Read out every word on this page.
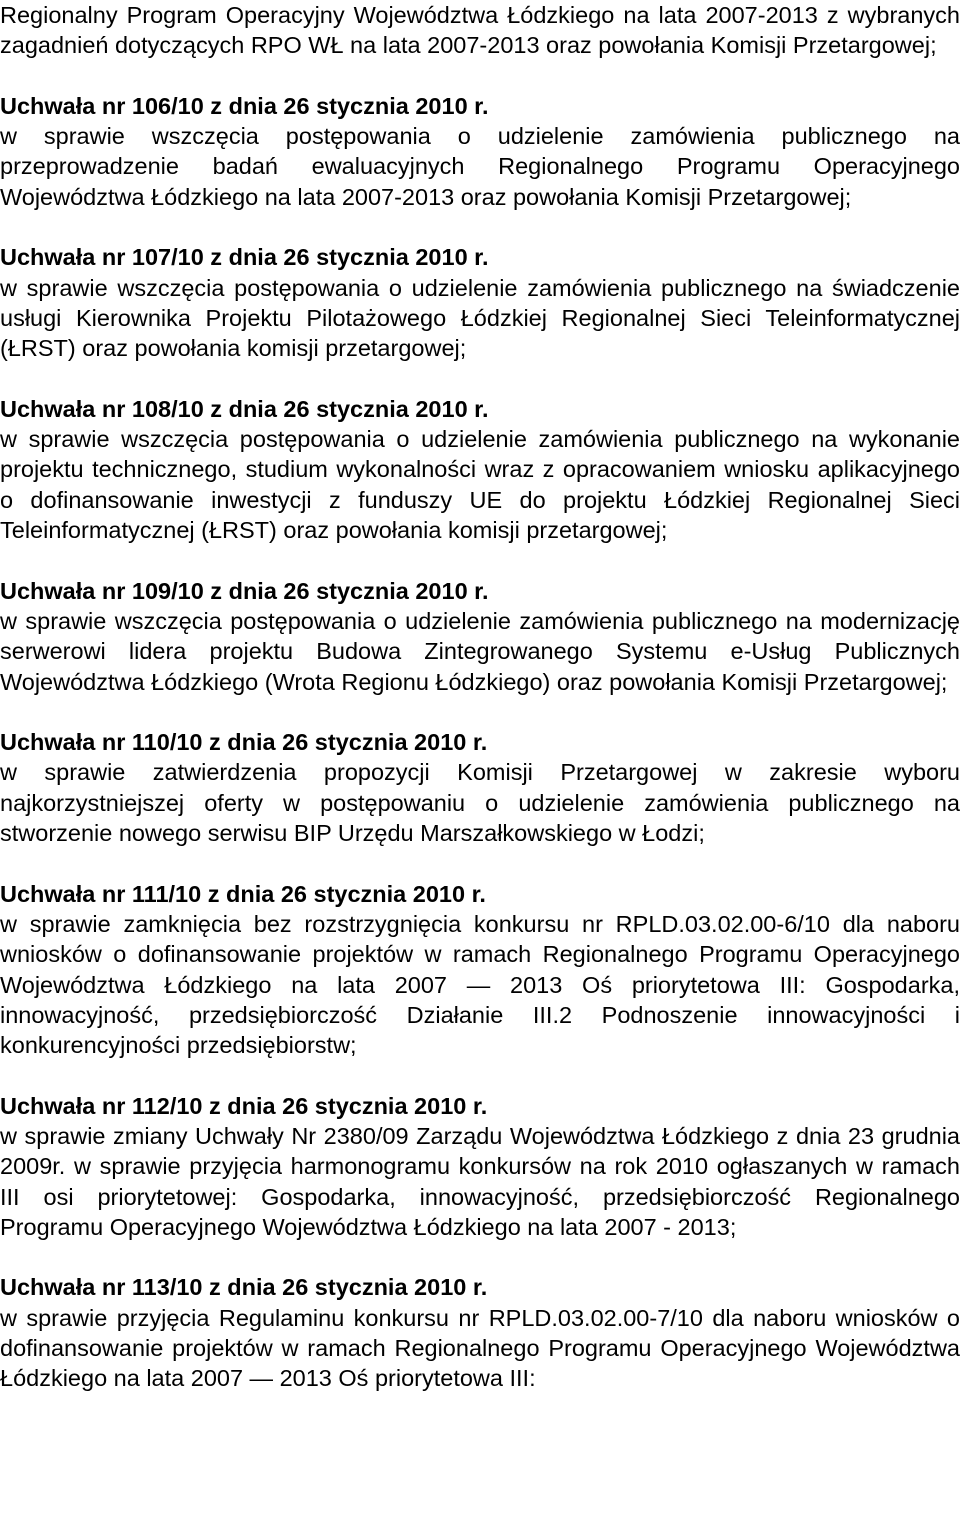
Regionalny Program Operacyjny Województwa Łódzkiego na lata 2007-2013 z wybranych zagadnień dotyczących RPO WŁ na lata 2007-2013 oraz powołania Komisji Przetargowej;

Uchwała nr 106/10 z dnia 26 stycznia 2010 r.

w sprawie wszczęcia postępowania o udzielenie zamówienia publicznego na przeprowadzenie badań ewaluacyjnych Regionalnego Programu Operacyjnego Województwa Łódzkiego na lata 2007-2013 oraz powołania Komisji Przetargowej;

Uchwała nr 107/10 z dnia 26 stycznia 2010 r.

w sprawie wszczęcia postępowania o udzielenie zamówienia publicznego na świadczenie usługi Kierownika Projektu Pilotażowego Łódzkiej Regionalnej Sieci Teleinformatycznej (ŁRST) oraz powołania komisji przetargowej;

Uchwała nr 108/10 z dnia 26 stycznia 2010 r.

w sprawie wszczęcia postępowania o udzielenie zamówienia publicznego na wykonanie projektu technicznego, studium wykonalności wraz z opracowaniem wniosku aplikacyjnego o dofinansowanie inwestycji z funduszy UE do projektu Łódzkiej Regionalnej Sieci Teleinformatycznej (ŁRST) oraz powołania komisji przetargowej;

Uchwała nr 109/10 z dnia 26 stycznia 2010 r.

w sprawie wszczęcia postępowania o udzielenie zamówienia publicznego na modernizację serwerowi lidera projektu Budowa Zintegrowanego Systemu e-Usług Publicznych Województwa Łódzkiego (Wrota Regionu Łódzkiego) oraz powołania Komisji Przetargowej;

Uchwała nr 110/10 z dnia 26 stycznia 2010 r.

w sprawie zatwierdzenia propozycji Komisji Przetargowej w zakresie wyboru najkorzystniejszej oferty w postępowaniu o udzielenie zamówienia publicznego na stworzenie nowego serwisu BIP Urzędu Marszałkowskiego w Łodzi;

Uchwała nr 111/10 z dnia 26 stycznia 2010 r.

w sprawie zamknięcia bez rozstrzygnięcia konkursu nr RPLD.03.02.00-6/10 dla naboru wniosków o dofinansowanie projektów w ramach Regionalnego Programu Operacyjnego Województwa Łódzkiego na lata 2007 — 2013 Oś priorytetowa III: Gospodarka, innowacyjność, przedsiębiorczość Działanie III.2 Podnoszenie innowacyjności i konkurencyjności przedsiębiorstw;

Uchwała nr 112/10 z dnia 26 stycznia 2010 r.

w sprawie zmiany Uchwały Nr 2380/09 Zarządu Województwa Łódzkiego z dnia 23 grudnia 2009r. w sprawie przyjęcia harmonogramu konkursów na rok 2010 ogłaszanych w ramach III osi priorytetowej: Gospodarka, innowacyjność, przedsiębiorczość Regionalnego Programu Operacyjnego Województwa Łódzkiego na lata 2007 - 2013;

Uchwała nr 113/10 z dnia 26 stycznia 2010 r.

w sprawie przyjęcia Regulaminu konkursu nr RPLD.03.02.00-7/10 dla naboru wniosków o dofinansowanie projektów w ramach Regionalnego Programu Operacyjnego Województwa Łódzkiego na lata 2007 — 2013 Oś priorytetowa III:
